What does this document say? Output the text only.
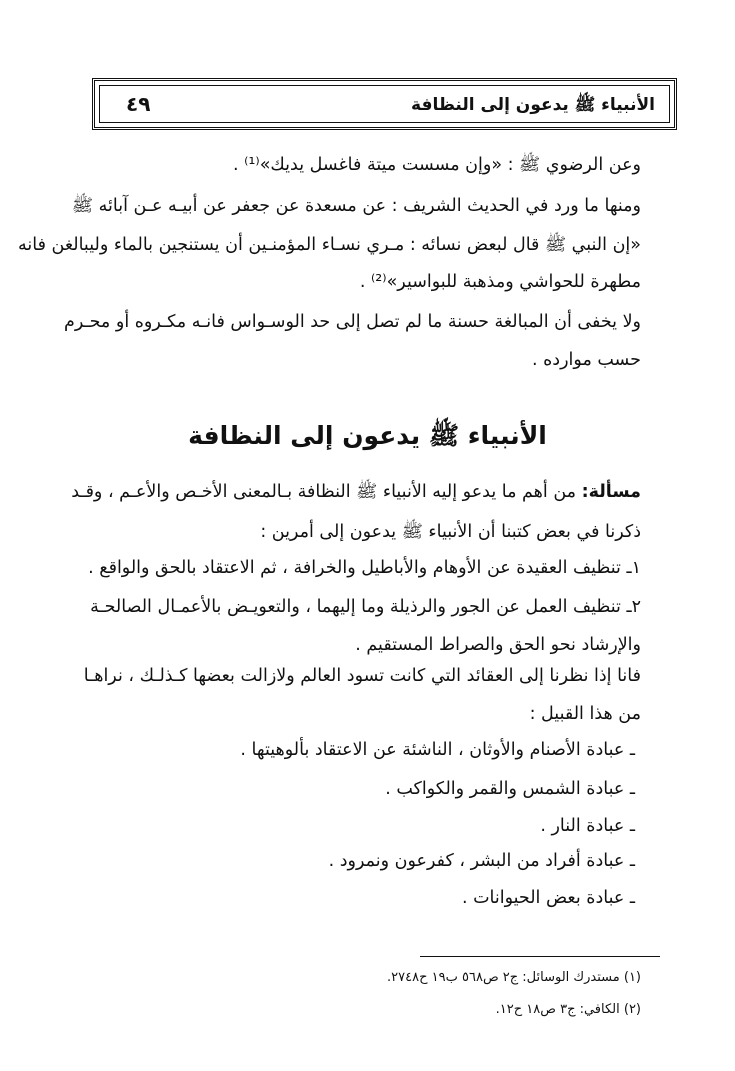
٤٩	الأنبياء ﷺ يدعون إلى النظافة
وعن الرضوي ﷺ : «وإن مسست ميتة فاغسل يديك»⁽¹⁾ .
ومنها ما ورد في الحديث الشريف : عن مسعدة عن جعفر عن أبيـه عـن آبائه ﷺ
«إن النبي ﷺ قال لبعض نسائه : مـري نسـاء المؤمنـين أن يستنجين بالماء وليبالغن فانه
مطهرة للحواشي ومذهبة للبواسير»⁽²⁾ .
ولا يخفى أن المبالغة حسنة ما لم تصل إلى حد الوسـواس فانـه مكـروه أو محـرم
حسب موارده .
الأنبياء ﷺ يدعون إلى النظافة
مسألة: من أهم ما يدعو إليه الأنبياء ﷺ النظافة بـالمعنى الأخـص والأعـم ، وقـد
ذكرنا في بعض كتبنا أن الأنبياء ﷺ يدعون إلى أمرين :
١ـ تنظيف العقيدة عن الأوهام والأباطيل والخرافة ، ثم الاعتقاد بالحق والواقع .
٢ـ تنظيف العمل عن الجور والرذيلة وما إليهما ، والتعويـض بالأعمـال الصالحـة
والإرشاد نحو الحق والصراط المستقيم .
فانا إذا نظرنا إلى العقائد التي كانت تسود العالم ولازالت بعضها كـذلـك ، نراهـا
من هذا القبيل :
ـ عبادة الأصنام والأوثان ، الناشئة عن الاعتقاد بألوهيتها .
ـ عبادة الشمس والقمر والكواكب .
ـ عبادة النار .
ـ عبادة أفراد من البشر ، كفرعون ونمرود .
ـ عبادة بعض الحيوانات .
(١) مستدرك الوسائل: ج٢ ص٥٦٨ ب١٩ ح٢٧٤٨.
(٢) الكافي: ج٣ ص١٨ ح١٢.
